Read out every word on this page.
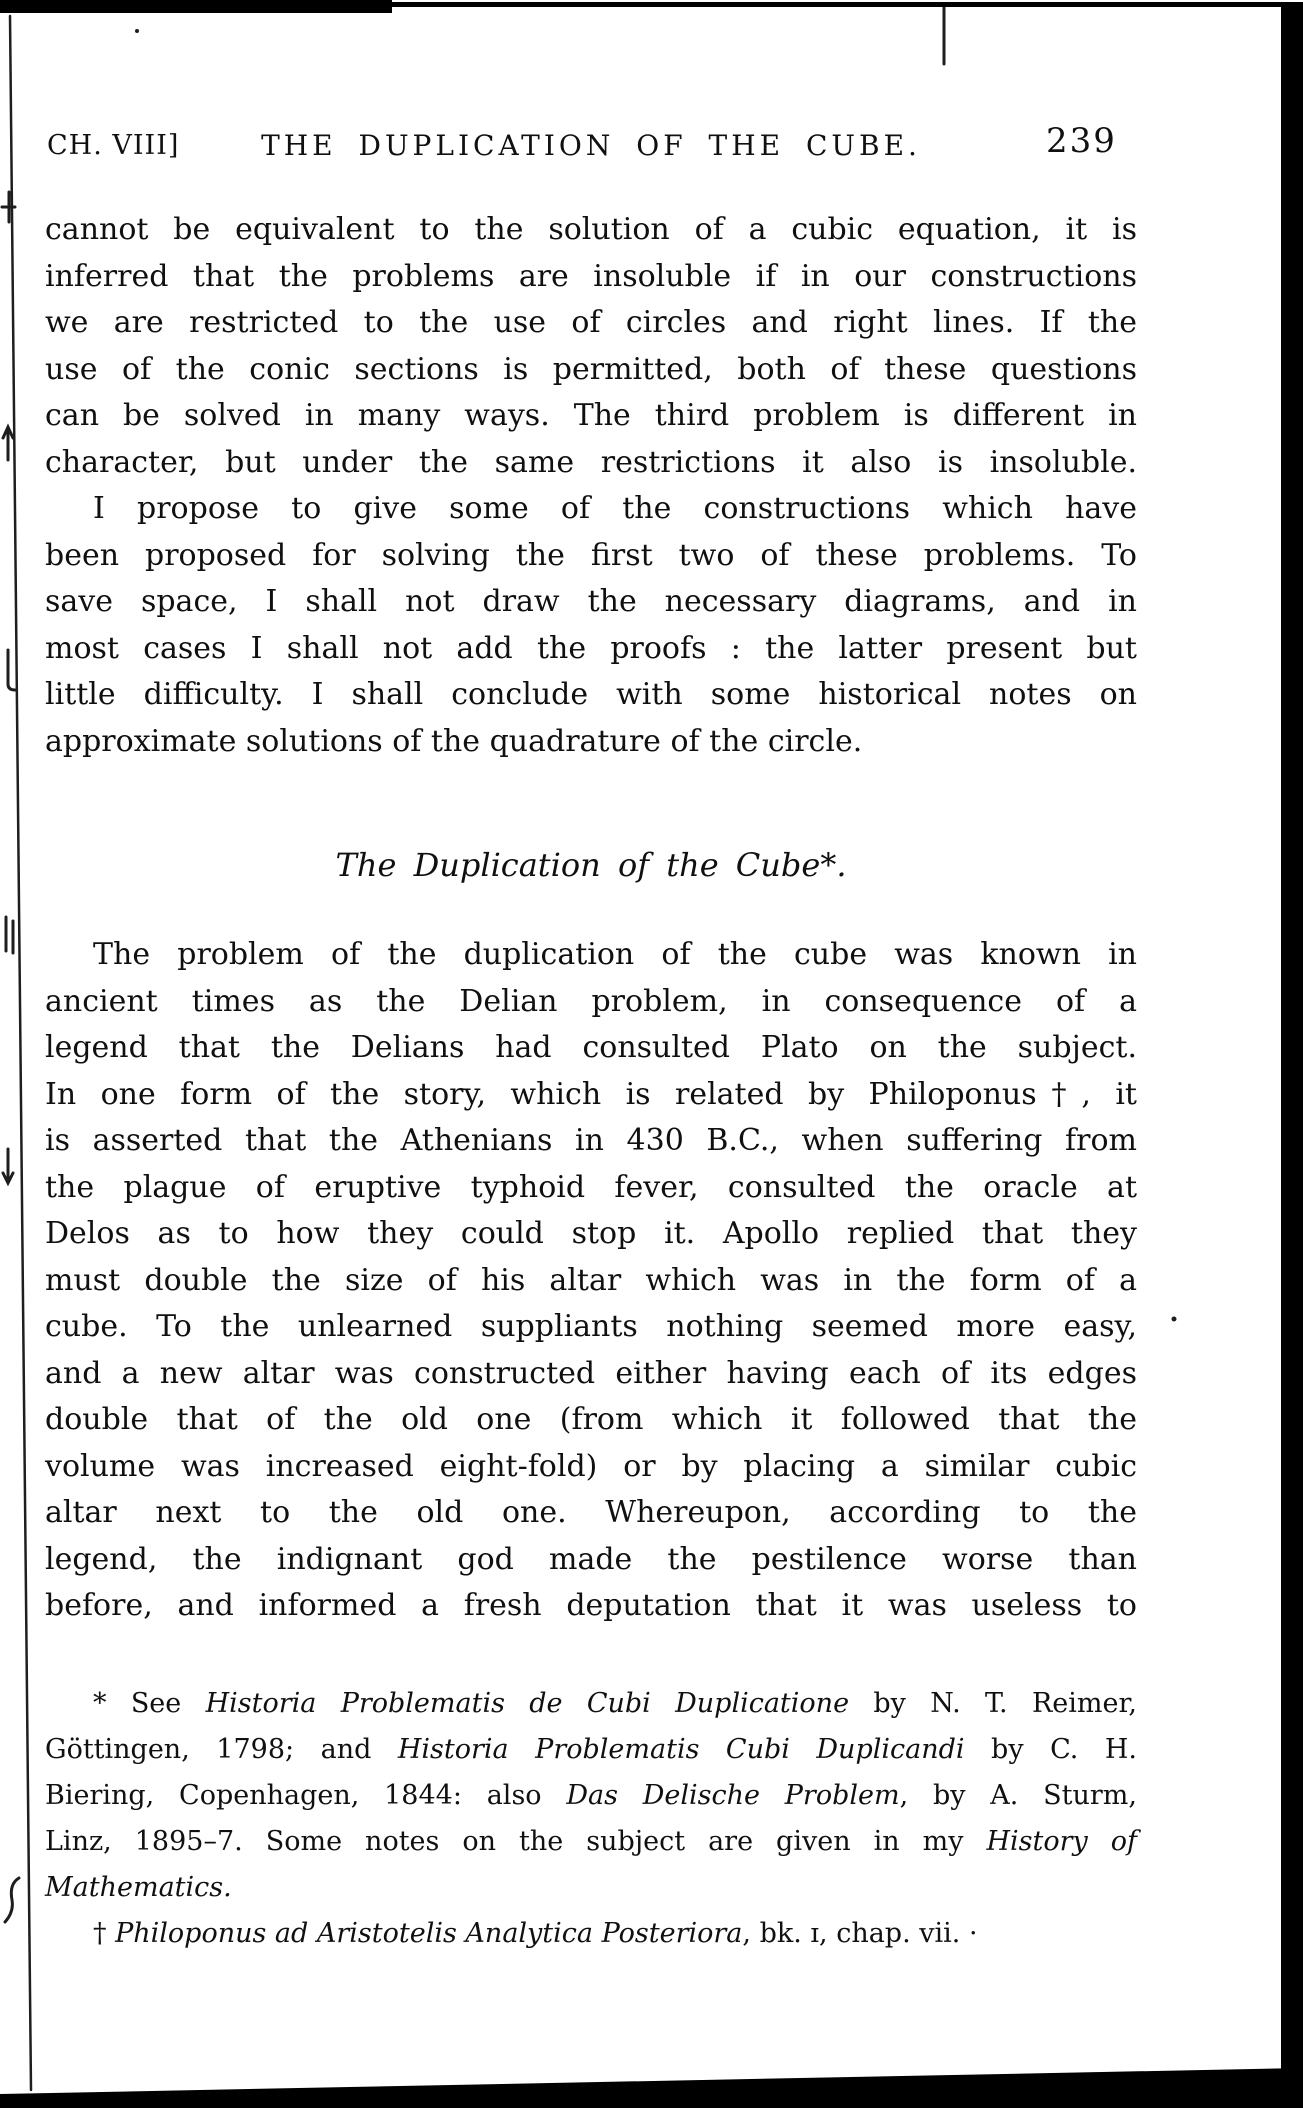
CH. VIII]	THE DUPLICATION OF THE CUBE.	239
cannot be equivalent to the solution of a cubic equation, it is
inferred that the problems are insoluble if in our constructions
we are restricted to the use of circles and right lines. If the
use of the conic sections is permitted, both of these questions
can be solved in many ways. The third problem is different in
character, but under the same restrictions it also is insoluble.
I propose to give some of the constructions which have
been proposed for solving the first two of these problems. To
save space, I shall not draw the necessary diagrams, and in
most cases I shall not add the proofs : the latter present but
little difficulty. I shall conclude with some historical notes on
approximate solutions of the quadrature of the circle.
The Duplication of the Cube*.
The problem of the duplication of the cube was known in
ancient times as the Delian problem, in consequence of a
legend that the Delians had consulted Plato on the subject.
In one form of the story, which is related by Philoponus†, it
is asserted that the Athenians in 430 B.C., when suffering from
the plague of eruptive typhoid fever, consulted the oracle at
Delos as to how they could stop it. Apollo replied that they
must double the size of his altar which was in the form of a
cube. To the unlearned suppliants nothing seemed more easy,
and a new altar was constructed either having each of its edges
double that of the old one (from which it followed that the
volume was increased eight-fold) or by placing a similar cubic
altar next to the old one. Whereupon, according to the
legend, the indignant god made the pestilence worse than
before, and informed a fresh deputation that it was useless to
* See Historia Problematis de Cubi Duplicatione by N. T. Reimer,
Göttingen, 1798; and Historia Problematis Cubi Duplicandi by C. H.
Biering, Copenhagen, 1844: also Das Delische Problem, by A. Sturm,
Linz, 1895–7. Some notes on the subject are given in my History of
Mathematics.
† Philoponus ad Aristotelis Analytica Posteriora, bk. ɪ, chap. vii. ·
